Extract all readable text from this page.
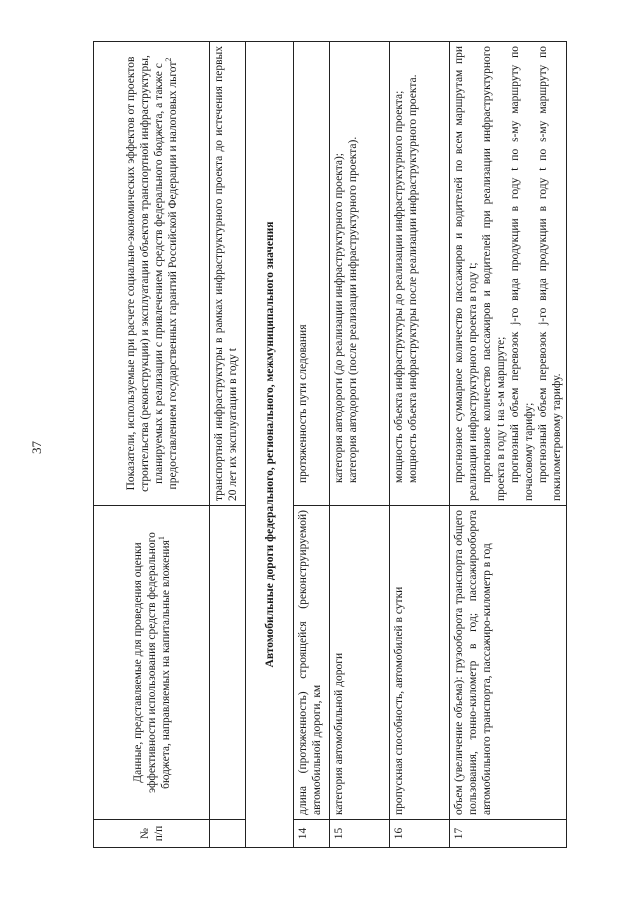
37
№ п/п	Данные, представляемые для проведения оценки эффективности использования средств федерального бюджета, направляемых на капитальные вложения$^1$	Показатели, используемые при расчете социально-экономических эффектов от проектов строительства (реконструкции) и эксплуатации объектов транспортной инфраструктуры, планируемых к реализации с привлечением средств федерального бюджета, а также с предоставлением государственных гарантий Российской Федерации и налоговых льгот$^2$
		транспортной инфраструктуры в рамках инфраструктурного проекта до истечения первых 20 лет их эксплуатации в году t
Автомобильные дороги федерального, регионального, межмуниципального значения		
14	длина (протяженность) строящейся (реконструируемой) автомобильной дороги, км	протяженность пути следования

15	категория автомобильной дороги	категория автодороги (до реализации инфраструктурного проекта); категория автодороги (после реализации инфраструктурного проекта).

16	пропускная способность, автомобилей в сутки	мощность объекта инфраструктуры до реализации инфраструктурного проекта; мощность объекта инфраструктуры после реализации инфраструктурного проекта.

17	объем (увеличение объема): грузооборота транспорта общего пользования, тонно-километр в год; пассажирооборота автомобильного транспорта, пассажиро-километр в год	прогнозное суммарное количество пассажиров и водителей по всем маршрутам при реализации инфраструктурного проекта в году t; прогнозное количество пассажиров и водителей при реализации инфраструктурного проекта в году t на s-м маршруте; прогнозный объем перевозок j-го вида продукции в году t по s-му маршруту по почасовому тарифу; прогнозный объем перевозок j-го вида продукции в году t по s-му маршруту по покилометровому тарифу.
